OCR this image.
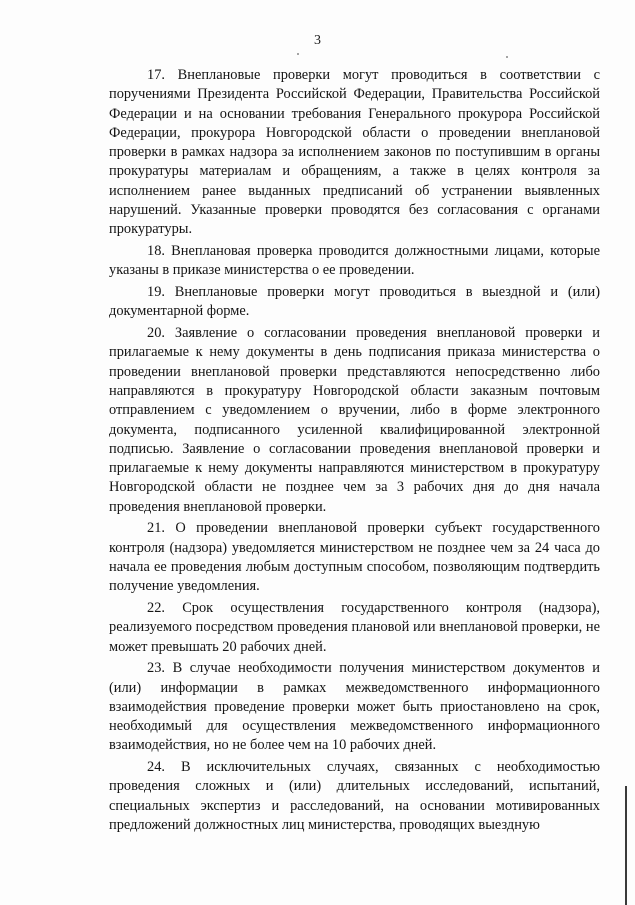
3

17. Внеплановые проверки могут проводиться в соответствии с поручениями Президента Российской Федерации, Правительства Российской Федерации и на основании требования Генерального прокурора Российской Федерации, прокурора Новгородской области о проведении внеплановой проверки в рамках надзора за исполнением законов по поступившим в органы прокуратуры материалам и обращениям, а также в целях контроля за исполнением ранее выданных предписаний об устранении выявленных нарушений. Указанные проверки проводятся без согласования с органами прокуратуры.

18. Внеплановая проверка проводится должностными лицами, которые указаны в приказе министерства о ее проведении.

19. Внеплановые проверки могут проводиться в выездной и (или) документарной форме.

20. Заявление о согласовании проведения внеплановой проверки и прилагаемые к нему документы в день подписания приказа министерства о проведении внеплановой проверки представляются непосредственно либо направляются в прокуратуру Новгородской области заказным почтовым отправлением с уведомлением о вручении, либо в форме электронного документа, подписанного усиленной квалифицированной электронной подписью. Заявление о согласовании проведения внеплановой проверки и прилагаемые к нему документы направляются министерством в прокуратуру Новгородской области не позднее чем за 3 рабочих дня до дня начала проведения внеплановой проверки.

21. О проведении внеплановой проверки субъект государственного контроля (надзора) уведомляется министерством не позднее чем за 24 часа до начала ее проведения любым доступным способом, позволяющим подтвердить получение уведомления.

22. Срок осуществления государственного контроля (надзора), реализуемого посредством проведения плановой или внеплановой проверки, не может превышать 20 рабочих дней.

23. В случае необходимости получения министерством документов и (или) информации в рамках межведомственного информационного взаимодействия проведение проверки может быть приостановлено на срок, необходимый для осуществления межведомственного информационного взаимодействия, но не более чем на 10 рабочих дней.

24. В исключительных случаях, связанных с необходимостью проведения сложных и (или) длительных исследований, испытаний, специальных экспертиз и расследований, на основании мотивированных предложений должностных лиц министерства, проводящих выездную
